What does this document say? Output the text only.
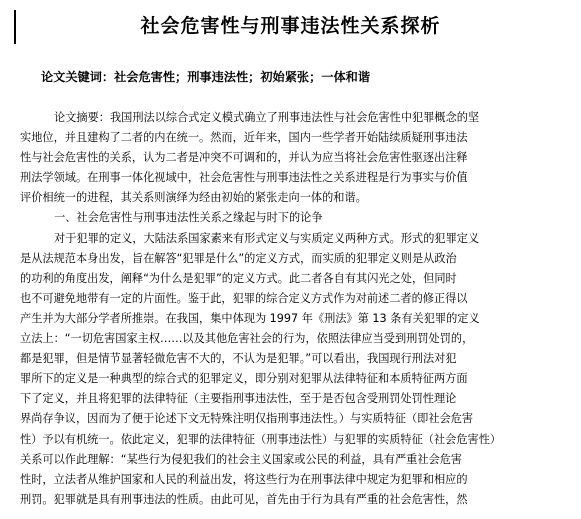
社会危害性与刑事违法性关系探析
论文关键词：社会危害性；刑事违法性；初始紧张；一体和谐
论文摘要：我国刑法以综合式定义模式确立了刑事违法性与社会危害性中犯罪概念的坚
实地位，并且建构了二者的内在统一。然而，近年来，国内一些学者开始陆续质疑刑事违法
性与社会危害性的关系，认为二者是冲突不可调和的，并认为应当将社会危害性驱逐出注释
刑法学领域。在刑事一体化视域中，社会危害性与刑事违法性之关系进程是行为事实与价值
评价相统一的进程，其关系则演绎为经由初始的紧张走向一体的和谐。
一、社会危害性与刑事违法性关系之缘起与时下的论争
对于犯罪的定义，大陆法系国家素来有形式定义与实质定义两种方式。形式的犯罪定义
是从法规范本身出发，旨在解答“犯罪是什么”的定义方式，而实质的犯罪定义则是从政治
的功利的角度出发，阐释“为什么是犯罪”的定义方式。此二者各自有其闪光之处，但同时
也不可避免地带有一定的片面性。鉴于此，犯罪的综合定义方式作为对前述二者的修正得以
产生并为大部分学者所推崇。在我国，集中体现为 1997 年《刑法》第 13 条有关犯罪的定义
立法上：“一切危害国家主权……以及其他危害社会的行为，依照法律应当受到刑罚处罚的，
都是犯罪，但是情节显著轻微危害不大的，不认为是犯罪。”可以看出，我国现行刑法对犯
罪所下的定义是一种典型的综合式的犯罪定义，即分别对犯罪从法律特征和本质特征两方面
下了定义，并且将犯罪的法律特征（主要指刑事违法性，至于是否包含受刑罚处罚性理论
界尚存争议，因而为了便于论述下文无特殊注明仅指刑事违法性。）与实质特征（即社会危害
性）予以有机统一。依此定义，犯罪的法律特征（刑事违法性）与犯罪的实质特征（社会危害性）
关系可以作此理解：“某些行为侵犯我们的社会主义国家或公民的利益，具有严重社会危害
性时，立法者从维护国家和人民的利益出发，将这些行为在刑事法律中规定为犯罪和相应的
刑罚。犯罪就是具有刑事违法的性质。由此可见，首先由于行为具有严重的社会危害性，然
